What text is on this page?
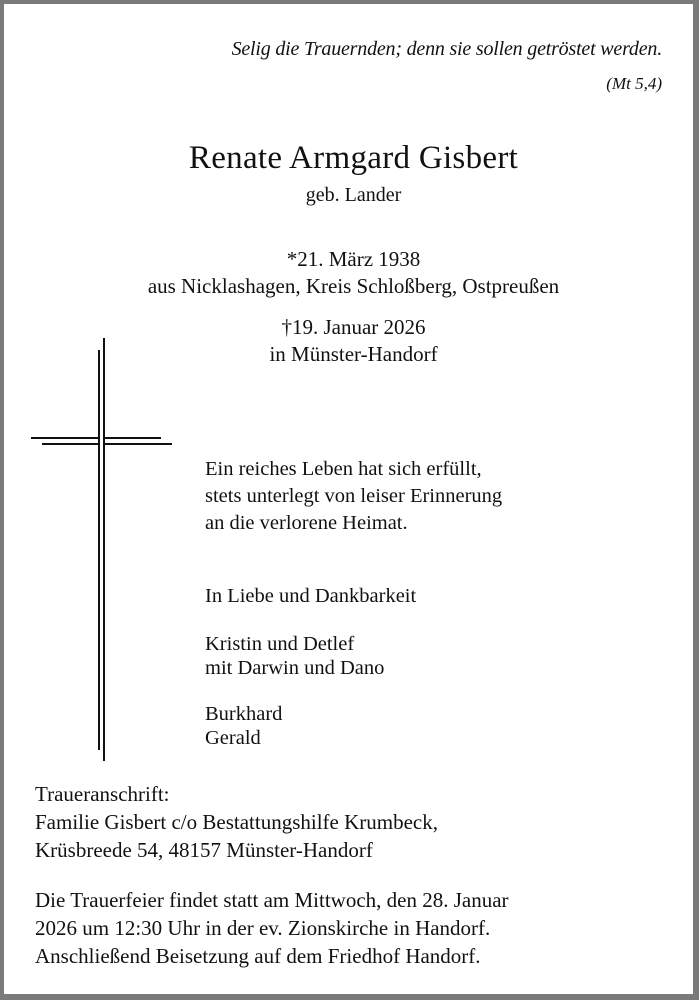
Selig die Trauernden; denn sie sollen getröstet werden.
(Mt 5,4)
Renate Armgard Gisbert
geb. Lander
*21. März 1938
aus Nicklashagen, Kreis Schloßberg, Ostpreußen
†19. Januar 2026
in Münster-Handorf
Ein reiches Leben hat sich erfüllt,
stets unterlegt von leiser Erinnerung
an die verlorene Heimat.
In Liebe und Dankbarkeit
Kristin und Detlef
mit Darwin und Dano
Burkhard
Gerald
Traueranschrift:
Familie Gisbert c/o Bestattungshilfe Krumbeck,
Krüsbreede 54, 48157 Münster-Handorf
Die Trauerfeier findet statt am Mittwoch, den 28. Januar
2026 um 12:30 Uhr in der ev. Zionskirche in Handorf.
Anschließend Beisetzung auf dem Friedhof Handorf.
